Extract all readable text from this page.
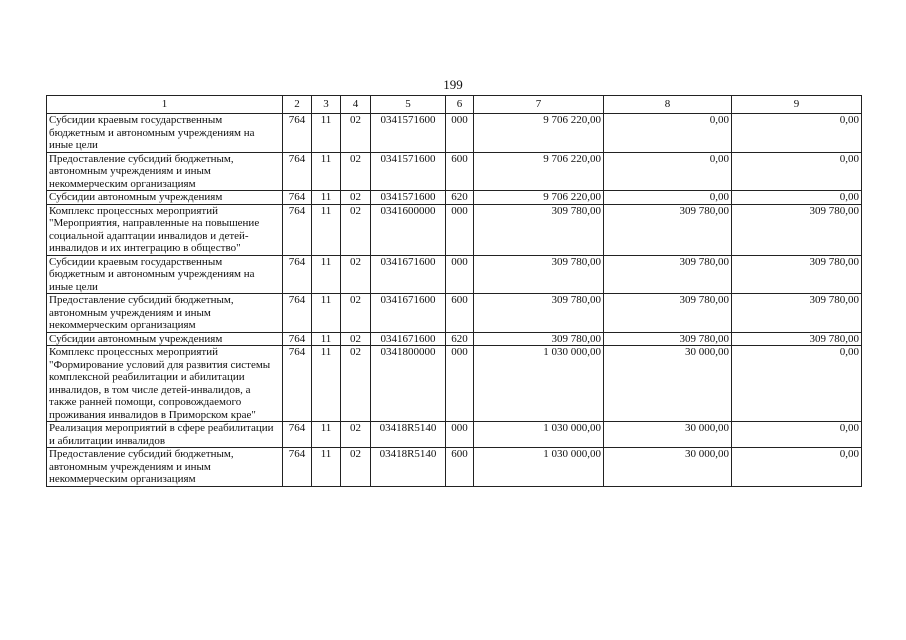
199
1	2	3	4	5	6	7	8	9
Субсидии краевым государственным бюджетным и автономным учреждениям на иные цели	764	11	02	0341571600	000	9 706 220,00	0,00	0,00
Предоставление субсидий бюджетным, автономным учреждениям и иным некоммерческим организациям	764	11	02	0341571600	600	9 706 220,00	0,00	0,00
Субсидии автономным учреждениям	764	11	02	0341571600	620	9 706 220,00	0,00	0,00
Комплекс процессных мероприятий "Мероприятия, направленные на повышение социальной адаптации инвалидов и детей-инвалидов и их интеграцию в общество"	764	11	02	0341600000	000	309 780,00	309 780,00	309 780,00
Субсидии краевым государственным бюджетным и автономным учреждениям на иные цели	764	11	02	0341671600	000	309 780,00	309 780,00	309 780,00
Предоставление субсидий бюджетным, автономным учреждениям и иным некоммерческим организациям	764	11	02	0341671600	600	309 780,00	309 780,00	309 780,00
Субсидии автономным учреждениям	764	11	02	0341671600	620	309 780,00	309 780,00	309 780,00
Комплекс процессных мероприятий "Формирование условий для развития системы комплексной реабилитации и абилитации инвалидов, в том числе детей-инвалидов, а также ранней помощи, сопровождаемого проживания инвалидов в Приморском крае"	764	11	02	0341800000	000	1 030 000,00	30 000,00	0,00
Реализация мероприятий в сфере реабилитации и абилитации инвалидов	764	11	02	03418R5140	000	1 030 000,00	30 000,00	0,00
Предоставление субсидий бюджетным, автономным учреждениям и иным некоммерческим организациям	764	11	02	03418R5140	600	1 030 000,00	30 000,00	0,00
